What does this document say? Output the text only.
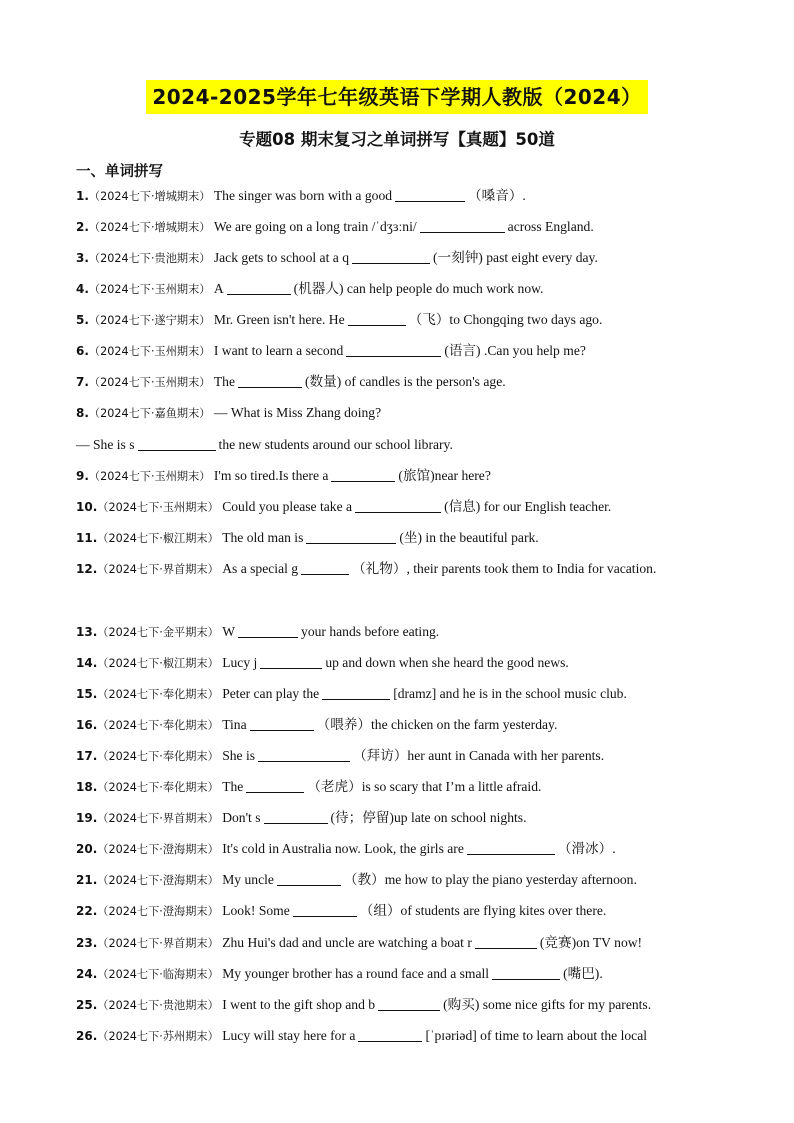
2024-2025学年七年级英语下学期人教版（2024）
专题08 期末复习之单词拼写【真题】50道
一、单词拼写
1.（2024七下·增城期末） The singer was born with a good	（嗓音）.
2.（2024七下·增城期末） We are going on a long train /ˈdʒɜːni/	across England.
3.（2024七下·贵池期末） Jack gets to school at a q	(一刻钟) past eight every day.
4.（2024七下·玉州期末） A	(机器人) can help people do much work now.
5.（2024七下·遂宁期末） Mr. Green isn't here. He	（飞）to Chongqing two days ago.
6.（2024七下·玉州期末） I want to learn a second	(语言) .Can you help me?
7.（2024七下·玉州期末） The	(数量) of candles is the person's age.
8.（2024七下·嘉鱼期末） — What is Miss Zhang doing?
— She is s	the new students around our school library.
9.（2024七下·玉州期末） I'm so tired.Is there a	(旅馆)near here?
10.（2024七下·玉州期末） Could you please take a	(信息) for our English teacher.
11.（2024七下·椒江期末） The old man is	(坐) in the beautiful park.
12.（2024七下·界首期末） As a special g	（礼物）, their parents took them to India for vacation.
13.（2024七下·金平期末） W	your hands before eating.
14.（2024七下·椒江期末） Lucy j	up and down when she heard the good news.
15.（2024七下·奉化期末） Peter can play the	[dramz] and he is in the school music club.
16.（2024七下·奉化期末） Tina	（喂养）the chicken on the farm yesterday.
17.（2024七下·奉化期末） She is	（拜访）her aunt in Canada with her parents.
18.（2024七下·奉化期末） The	（老虎）is so scary that I’m a little afraid.
19.（2024七下·界首期末） Don't s	(待；停留)up late on school nights.
20.（2024七下·澄海期末） It's cold in Australia now. Look, the girls are	（滑冰）.
21.（2024七下·澄海期末） My uncle	（教）me how to play the piano yesterday afternoon.
22.（2024七下·澄海期末） Look! Some	（组）of students are flying kites over there.
23.（2024七下·界首期末） Zhu Hui's dad and uncle are watching a boat r	(竞赛)on TV now!
24.（2024七下·临海期末） My younger brother has a round face and a small	(嘴巴).
25.（2024七下·贵池期末） I went to the gift shop and b	(购买) some nice gifts for my parents.
26.（2024七下·苏州期末） Lucy will stay here for a	[ˈpɪəriəd] of time to learn about the local
